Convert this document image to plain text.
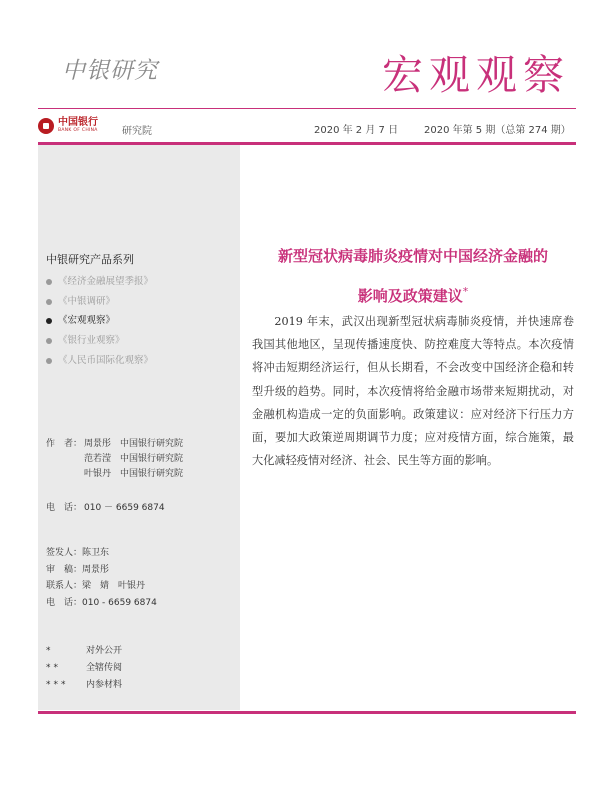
中银研究	宏观观察
中国银行
BANK OF CHINA 研究院	2020 年 2 月 7 日	2020 年第 5 期（总第 274 期）
中银研究产品系列
《经济金融展望季报》
《中银调研》
《宏观观察》
《银行业观察》
《人民币国际化观察》
作　者： 周景彤 中国银行研究院
范若滢 中国银行研究院
叶银丹 中国银行研究院
电　话： 010 － 6659 6874
签发人：陈卫东
审　稿：周景彤
联系人：梁　婧　叶银丹
电　话：010 - 6659 6874
*	对外公开
**	全辖传阅
***	内参材料
新型冠状病毒肺炎疫情对中国经济金融的
影响及政策建议*

2019 年末，武汉出现新型冠状病毒肺炎疫情，并快速席卷我国其他地区，呈现传播速度快、防控难度大等特点。本次疫情将冲击短期经济运行，但从长期看，不会改变中国经济企稳和转型升级的趋势。同时，本次疫情将给金融市场带来短期扰动，对金融机构造成一定的负面影响。政策建议：应对经济下行压力方面，要加大政策逆周期调节力度；应对疫情方面，综合施策，最大化减轻疫情对经济、社会、民生等方面的影响。
